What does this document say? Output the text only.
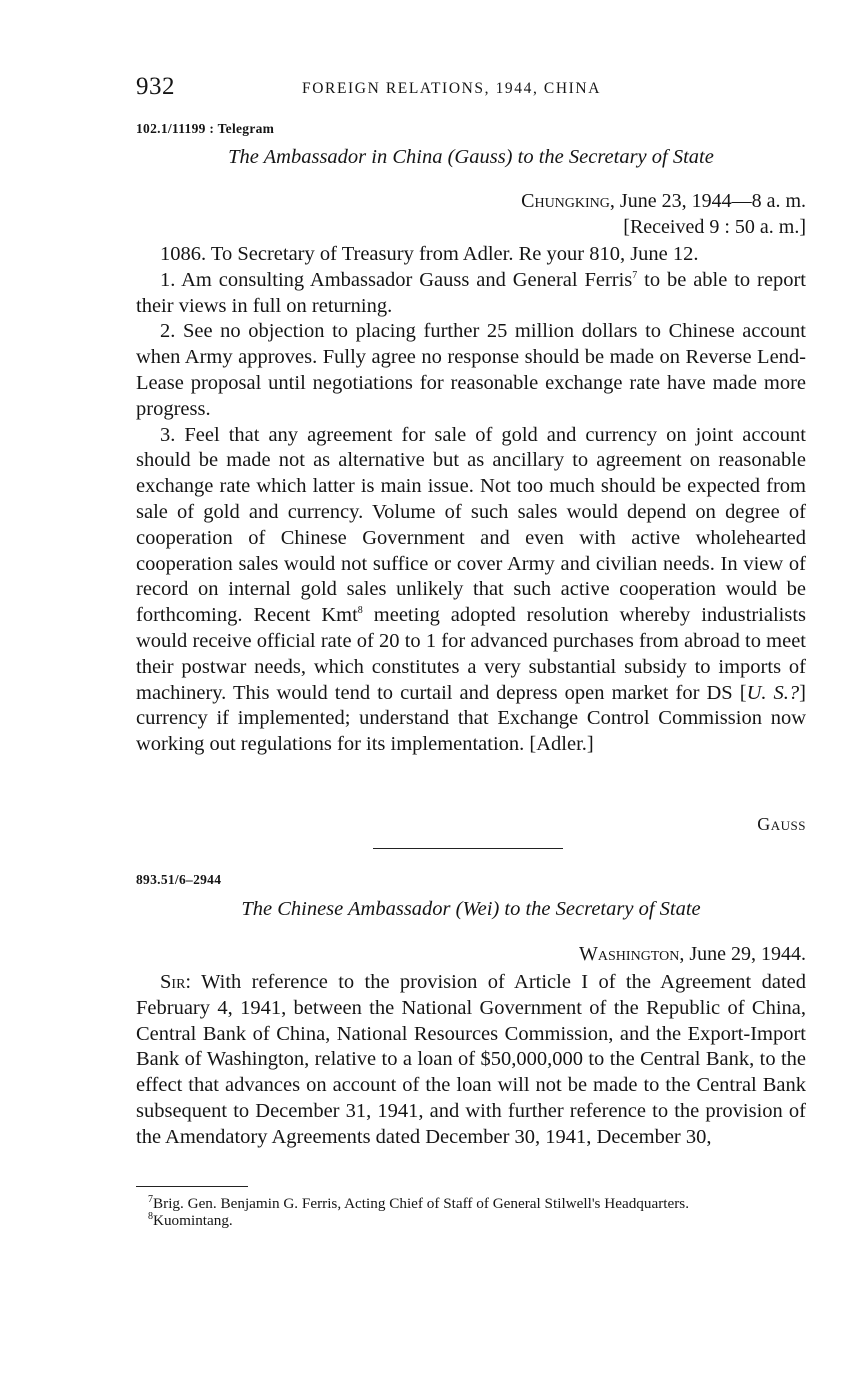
932	FOREIGN RELATIONS, 1944, CHINA
102.1/11199 : Telegram
The Ambassador in China (Gauss) to the Secretary of State
Chungking, June 23, 1944—8 a. m.
[Received 9 : 50 a. m.]

1086. To Secretary of Treasury from Adler. Re your 810, June 12.

1. Am consulting Ambassador Gauss and General Ferris$^7$ to be able to report their views in full on returning.

2. See no objection to placing further 25 million dollars to Chinese account when Army approves. Fully agree no response should be made on Reverse Lend-Lease proposal until negotiations for reasonable exchange rate have made more progress.

3. Feel that any agreement for sale of gold and currency on joint account should be made not as alternative but as ancillary to agreement on reasonable exchange rate which latter is main issue. Not too much should be expected from sale of gold and currency. Volume of such sales would depend on degree of cooperation of Chinese Government and even with active wholehearted cooperation sales would not suffice or cover Army and civilian needs. In view of record on internal gold sales unlikely that such active cooperation would be forthcoming. Recent Kmt$^8$ meeting adopted resolution whereby industrialists would receive official rate of 20 to 1 for advanced purchases from abroad to meet their postwar needs, which constitutes a very substantial subsidy to imports of machinery. This would tend to curtail and depress open market for DS [U. S.?] currency if implemented; understand that Exchange Control Commission now working out regulations for its implementation. [Adler.]

Gauss
893.51/6–2944
The Chinese Ambassador (Wei) to the Secretary of State
Washington, June 29, 1944.

Sir: With reference to the provision of Article I of the Agreement dated February 4, 1941, between the National Government of the Republic of China, Central Bank of China, National Resources Commission, and the Export-Import Bank of Washington, relative to a loan of $50,000,000 to the Central Bank, to the effect that advances on account of the loan will not be made to the Central Bank subsequent to December 31, 1941, and with further reference to the provision of the Amendatory Agreements dated December 30, 1941, December 30,

$^7$Brig. Gen. Benjamin G. Ferris, Acting Chief of Staff of General Stilwell's Headquarters.

$^8$Kuomintang.
